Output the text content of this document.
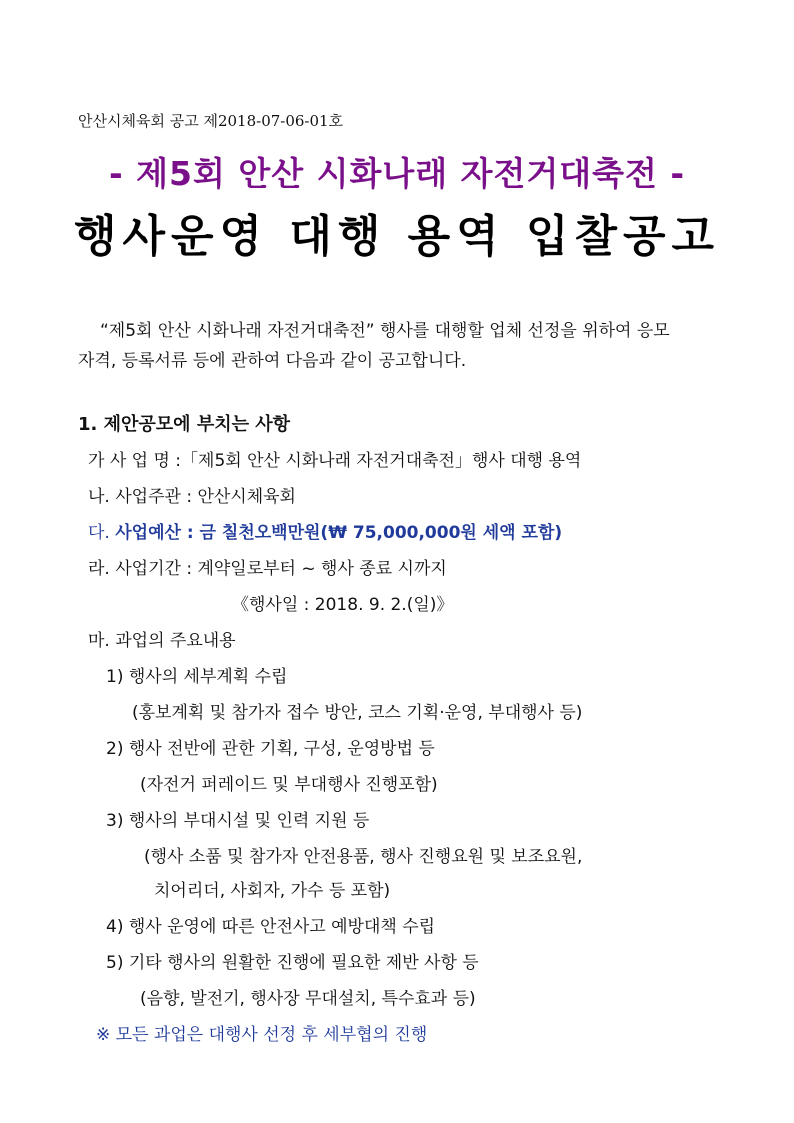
안산시체육회 공고 제2018-07-06-01호
- 제5회 안산 시화나래 자전거대축전 -
행사운영 대행 용역 입찰공고
“제5회 안산 시화나래 자전거대축전” 행사를 대행할 업체 선정을 위하여 응모
자격, 등록서류 등에 관하여 다음과 같이 공고합니다.
1. 제안공모에 부치는 사항
가 사 업 명 :「제5회 안산 시화나래 자전거대축전」행사 대행 용역
나. 사업주관 : 안산시체육회
다. 사업예산 : 금 칠천오백만원(₩ 75,000,000원 세액 포함)
라. 사업기간 : 계약일로부터 ~ 행사 종료 시까지
《행사일 : 2018. 9. 2.(일)》
마. 과업의 주요내용
1) 행사의 세부계획 수립
(홍보계획 및 참가자 접수 방안, 코스 기획·운영, 부대행사 등)
2) 행사 전반에 관한 기획, 구성, 운영방법 등
(자전거 퍼레이드 및 부대행사 진행포함)
3) 행사의 부대시설 및 인력 지원 등
(행사 소품 및 참가자 안전용품, 행사 진행요원 및 보조요원,
치어리더, 사회자, 가수 등 포함)
4) 행사 운영에 따른 안전사고 예방대책 수립
5) 기타 행사의 원활한 진행에 필요한 제반 사항 등
(음향, 발전기, 행사장 무대설치, 특수효과 등)
※ 모든 과업은 대행사 선정 후 세부협의 진행
